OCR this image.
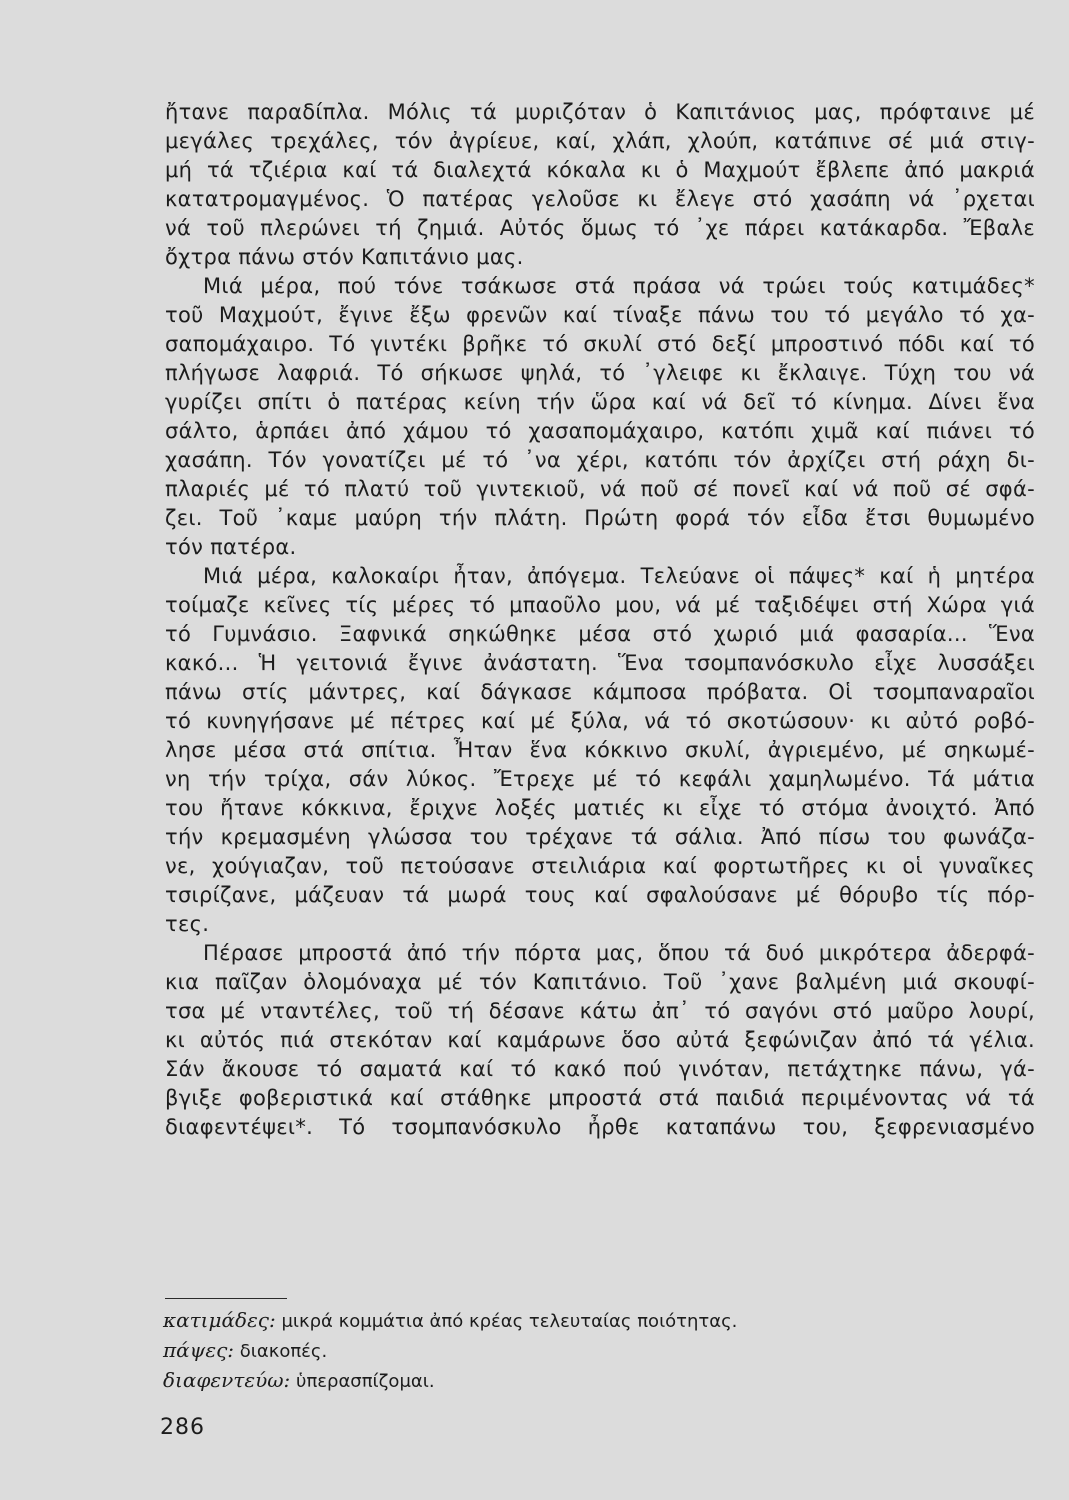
ἤτανε παραδίπλα. Μόλις τά μυριζόταν ὁ Καπιτάνιος μας, πρόφταινε μέ
μεγάλες τρεχάλες, τόν ἀγρίευε, καί, χλάπ, χλούπ, κατάπινε σέ μιά στιγ-
μή τά τζιέρια καί τά διαλεχτά κόκαλα κι ὁ Μαχμούτ ἔβλεπε ἀπό μακριά
κατατρομαγμένος. Ὁ πατέρας γελοῦσε κι ἔλεγε στό χασάπη νά ᾽ρχεται
νά τοῦ πλερώνει τή ζημιά. Αὐτός ὅμως τό ᾽χε πάρει κατάκαρδα. Ἔβαλε
ὄχτρα πάνω στόν Καπιτάνιο μας.
Μιά μέρα, πού τόνε τσάκωσε στά πράσα νά τρώει τούς κατιμάδες*
τοῦ Μαχμούτ, ἔγινε ἔξω φρενῶν καί τίναξε πάνω του τό μεγάλο τό χα-
σαπομάχαιρο. Τό γιντέκι βρῆκε τό σκυλί στό δεξί μπροστινό πόδι καί τό
πλήγωσε λαφριά. Τό σήκωσε ψηλά, τό ᾽γλειφε κι ἔκλαιγε. Τύχη του νά
γυρίζει σπίτι ὁ πατέρας κείνη τήν ὥρα καί νά δεῖ τό κίνημα. Δίνει ἕνα
σάλτο, ἁρπάει ἀπό χάμου τό χασαπομάχαιρο, κατόπι χιμᾶ καί πιάνει τό
χασάπη. Τόν γονατίζει μέ τό ᾽να χέρι, κατόπι τόν ἀρχίζει στή ράχη δι-
πλαριές μέ τό πλατύ τοῦ γιντεκιοῦ, νά ποῦ σέ πονεῖ καί νά ποῦ σέ σφά-
ζει. Τοῦ ᾽καμε μαύρη τήν πλάτη. Πρώτη φορά τόν εἶδα ἔτσι θυμωμένο
τόν πατέρα.
Μιά μέρα, καλοκαίρι ἦταν, ἀπόγεμα. Τελεύανε οἱ πάψες* καί ἡ μητέρα
τοίμαζε κεῖνες τίς μέρες τό μπαοῦλο μου, νά μέ ταξιδέψει στή Χώρα γιά
τό Γυμνάσιο. Ξαφνικά σηκώθηκε μέσα στό χωριό μιά φασαρία... Ἕνα
κακό... Ἡ γειτονιά ἔγινε ἀνάστατη. Ἕνα τσομπανόσκυλο εἶχε λυσσάξει
πάνω στίς μάντρες, καί δάγκασε κάμποσα πρόβατα. Οἱ τσομπαναραῖοι
τό κυνηγήσανε μέ πέτρες καί μέ ξύλα, νά τό σκοτώσουν· κι αὐτό ροβό-
λησε μέσα στά σπίτια. Ἦταν ἕνα κόκκινο σκυλί, ἀγριεμένο, μέ σηκωμέ-
νη τήν τρίχα, σάν λύκος. Ἔτρεχε μέ τό κεφάλι χαμηλωμένο. Τά μάτια
του ἤτανε κόκκινα, ἔριχνε λοξές ματιές κι εἶχε τό στόμα ἀνοιχτό. Ἀπό
τήν κρεμασμένη γλώσσα του τρέχανε τά σάλια. Ἀπό πίσω του φωνάζα-
νε, χούγιαζαν, τοῦ πετούσανε στειλιάρια καί φορτωτῆρες κι οἱ γυναῖκες
τσιρίζανε, μάζευαν τά μωρά τους καί σφαλούσανε μέ θόρυβο τίς πόρ-
τες.
Πέρασε μπροστά ἀπό τήν πόρτα μας, ὅπου τά δυό μικρότερα ἀδερφά-
κια παῖζαν ὁλομόναχα μέ τόν Καπιτάνιο. Τοῦ ᾽χανε βαλμένη μιά σκουφί-
τσα μέ νταντέλες, τοῦ τή δέσανε κάτω ἀπ᾽ τό σαγόνι στό μαῦρο λουρί,
κι αὐτός πιά στεκόταν καί καμάρωνε ὅσο αὐτά ξεφώνιζαν ἀπό τά γέλια.
Σάν ἄκουσε τό σαματά καί τό κακό πού γινόταν, πετάχτηκε πάνω, γά-
βγιξε φοβεριστικά καί στάθηκε μπροστά στά παιδιά περιμένοντας νά τά
διαφεντέψει*. Τό τσομπανόσκυλο ἦρθε καταπάνω του, ξεφρενιασμένο
κατιμάδες: μικρά κομμάτια ἀπό κρέας τελευταίας ποιότητας.
πάψες: διακοπές.
διαφεντεύω: ὑπερασπίζομαι.
286
